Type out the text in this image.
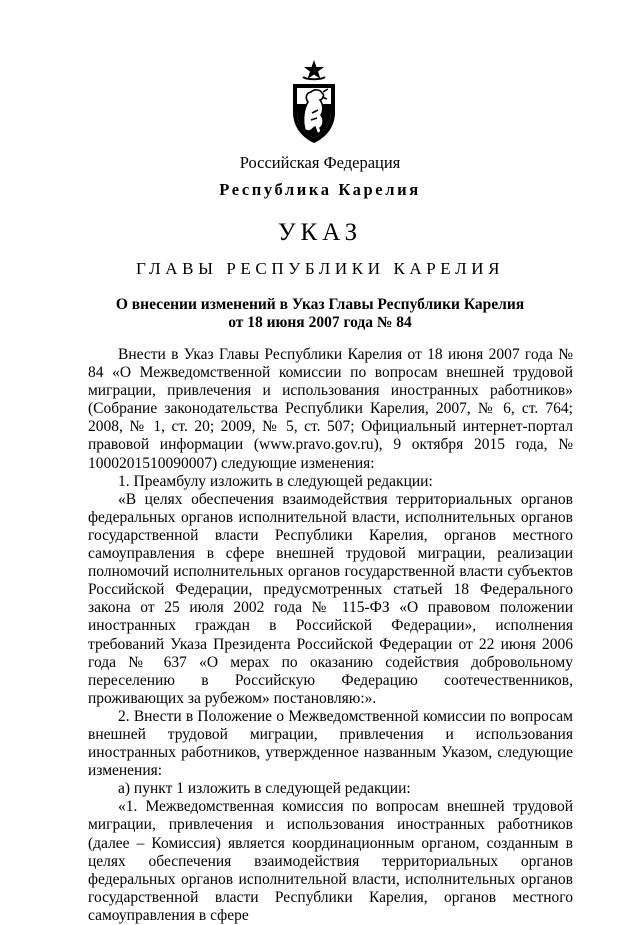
Российская Федерация
Республика Карелия
УКАЗ
ГЛАВЫ РЕСПУБЛИКИ КАРЕЛИЯ
О внесении изменений в Указ Главы Республики Карелия
от 18 июня 2007 года № 84

Внести в Указ Главы Республики Карелия от 18 июня 2007 года № 84 «О Межведомственной комиссии по вопросам внешней трудовой миграции, привлечения и использования иностранных работников» (Собрание законодательства Республики Карелия, 2007, № 6, ст. 764; 2008, № 1, ст. 20; 2009, № 5, ст. 507; Официальный интернет-портал правовой информации (www.pravo.gov.ru), 9 октября 2015 года, № 1000201510090007) следующие изменения:

1. Преамбулу изложить в следующей редакции:

«В целях обеспечения взаимодействия территориальных органов федеральных органов исполнительной власти, исполнительных органов государственной власти Республики Карелия, органов местного самоуправления в сфере внешней трудовой миграции, реализации полномочий исполнительных органов государственной власти субъектов Российской Федерации, предусмотренных статьей 18 Федерального закона от 25 июля 2002 года № 115-ФЗ «О правовом положении иностранных граждан в Российской Федерации», исполнения требований Указа Президента Российской Федерации от 22 июня 2006 года № 637 «О мерах по оказанию содействия добровольному переселению в Российскую Федерацию соотечественников, проживающих за рубежом» постановляю:».

2. Внести в Положение о Межведомственной комиссии по вопросам внешней трудовой миграции, привлечения и использования иностранных работников, утвержденное названным Указом, следующие изменения:

а) пункт 1 изложить в следующей редакции:

«1. Межведомственная комиссия по вопросам внешней трудовой миграции, привлечения и использования иностранных работников (далее – Комиссия) является координационным органом, созданным в целях обеспечения взаимодействия территориальных органов федеральных органов исполнительной власти, исполнительных органов государственной власти Республики Карелия, органов местного самоуправления в сфере
